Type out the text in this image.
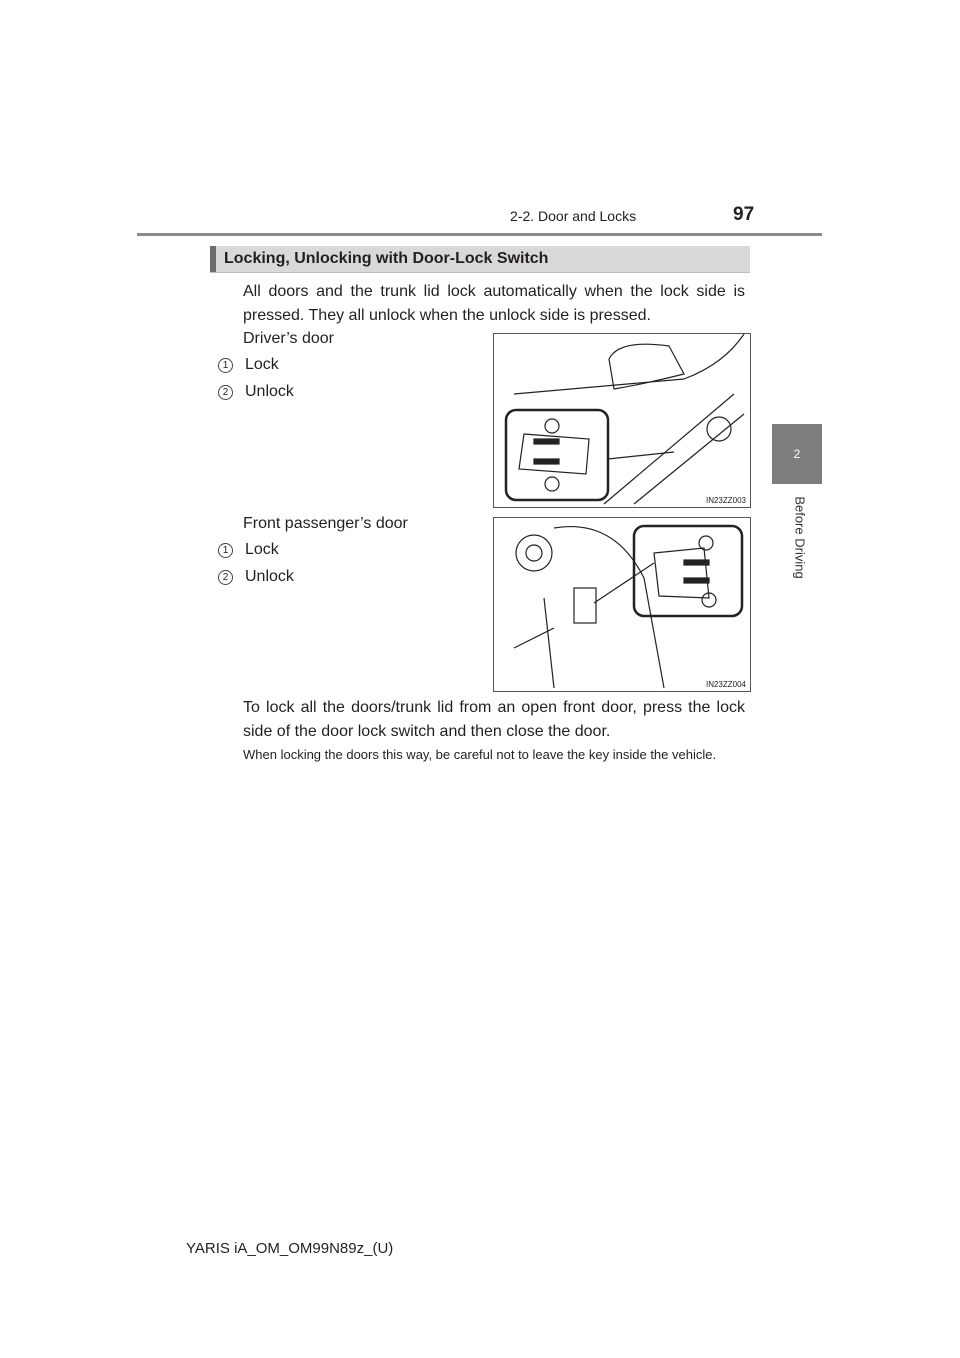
2-2. Door and Locks	97
2
Before Driving
Locking, Unlocking with Door-Lock Switch
All doors and the trunk lid lock automatically when the lock side is pressed. They all unlock when the unlock side is pressed.
Driver’s door
1 Lock
2 Unlock
IN23ZZ003
Front passenger’s door
1 Lock
2 Unlock
IN23ZZ004
To lock all the doors/trunk lid from an open front door, press the lock side of the door lock switch and then close the door.
When locking the doors this way, be careful not to leave the key inside the vehicle.
YARIS iA_OM_OM99N89z_(U)
